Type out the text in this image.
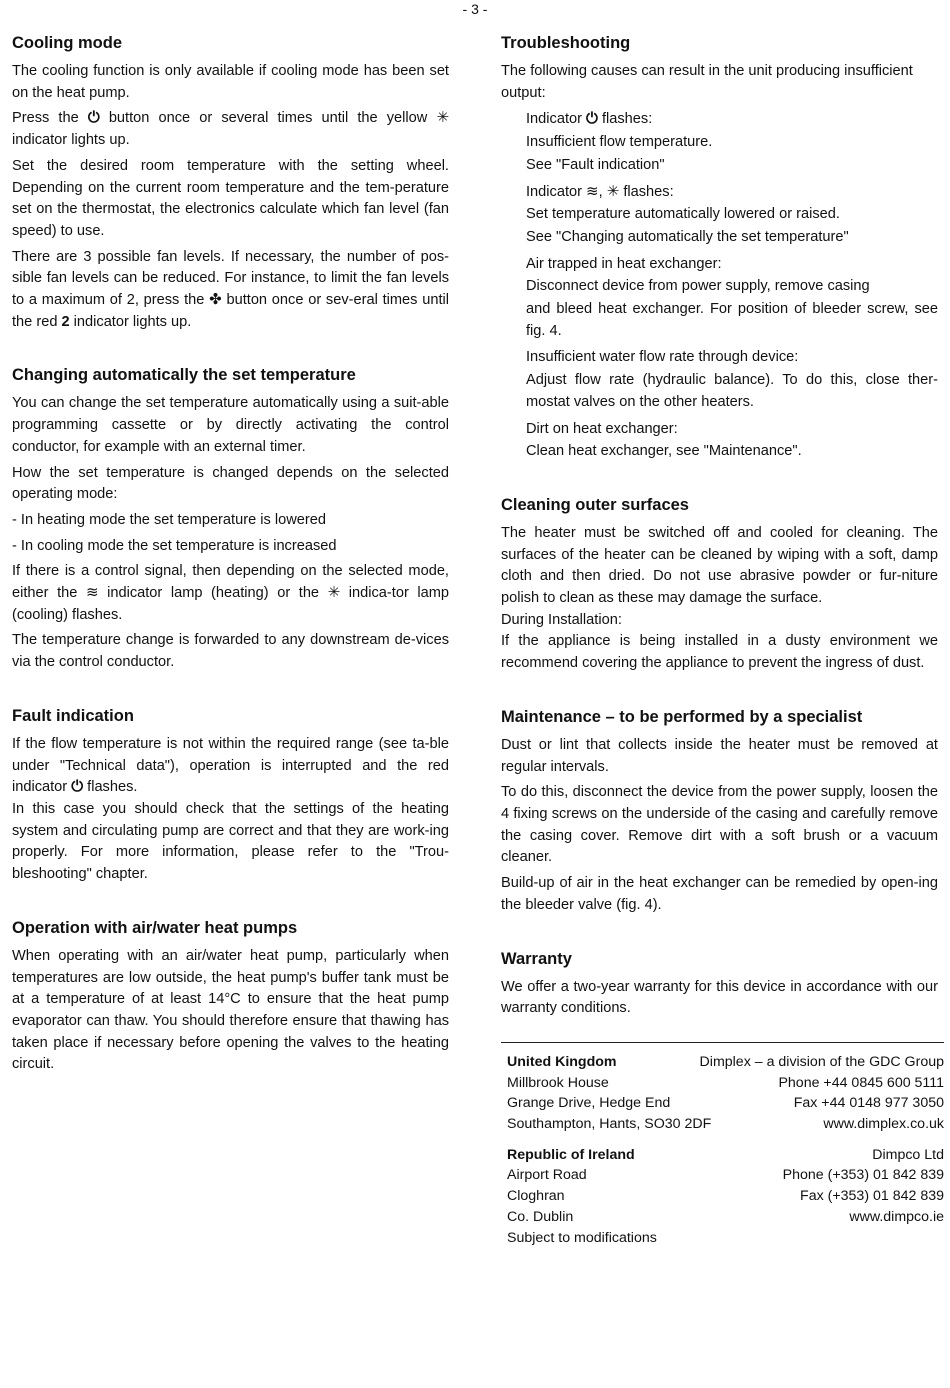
- 3 -
Cooling mode

The cooling function is only available if cooling mode has been set on the heat pump.

Press the ⏻ button once or several times until the yellow ✳ indicator lights up.

Set the desired room temperature with the setting wheel. Depending on the current room temperature and the tem-perature set on the thermostat, the electronics calculate which fan level (fan speed) to use.

There are 3 possible fan levels. If necessary, the number of pos-sible fan levels can be reduced. For instance, to limit the fan levels to a maximum of 2, press the ✤ button once or sev-eral times until the red 2 indicator lights up.

Changing automatically the set temperature

You can change the set temperature automatically using a suit-able programming cassette or by directly activating the control conductor, for example with an external timer.

How the set temperature is changed depends on the selected operating mode:

- In heating mode the set temperature is lowered

- In cooling mode the set temperature is increased

If there is a control signal, then depending on the selected mode, either the ≋ indicator lamp (heating) or the ✳ indica-tor lamp (cooling) flashes.

The temperature change is forwarded to any downstream de-vices via the control conductor.

Fault indication

If the flow temperature is not within the required range (see ta-ble under "Technical data"), operation is interrupted and the red indicator ⏻ flashes.

In this case you should check that the settings of the heating system and circulating pump are correct and that they are work-ing properly. For more information, please refer to the "Trou-bleshooting" chapter.

Operation with air/water heat pumps

When operating with an air/water heat pump, particularly when temperatures are low outside, the heat pump's buffer tank must be at a temperature of at least 14°C to ensure that the heat pump evaporator can thaw. You should therefore ensure that thawing has taken place if necessary before opening the valves to the heating circuit.

Troubleshooting

The following causes can result in the unit producing insufficient output:

Indicator ⏻ flashes:

Insufficient flow temperature.

See "Fault indication"

Indicator ≋, ✳ flashes:

Set temperature automatically lowered or raised.

See "Changing automatically the set temperature"

Air trapped in heat exchanger:

Disconnect device from power supply, remove casing

and bleed heat exchanger. For position of bleeder screw, see fig. 4.

Insufficient water flow rate through device:

Adjust flow rate (hydraulic balance). To do this, close ther-mostat valves on the other heaters.

Dirt on heat exchanger:

Clean heat exchanger, see "Maintenance".

Cleaning outer surfaces

The heater must be switched off and cooled for cleaning. The surfaces of the heater can be cleaned by wiping with a soft, damp cloth and then dried. Do not use abrasive powder or fur-niture polish to clean as these may damage the surface.

During Installation:

If the appliance is being installed in a dusty environment we recommend covering the appliance to prevent the ingress of dust.

Maintenance – to be performed by a specialist

Dust or lint that collects inside the heater must be removed at regular intervals.

To do this, disconnect the device from the power supply, loosen the 4 fixing screws on the underside of the casing and carefully remove the casing cover. Remove dirt with a soft brush or a vacuum cleaner.

Build-up of air in the heat exchanger can be remedied by open-ing the bleeder valve (fig. 4).

Warranty

We offer a two-year warranty for this device in accordance with our warranty conditions.

United Kingdom	Dimplex – a division of the GDC Group
Millbrook House	Phone +44 0845 600 5111
Grange Drive, Hedge End	Fax +44 0148 977 3050
Southampton, Hants, SO30 2DF	www.dimplex.co.uk
Republic of Ireland	Dimpco Ltd
Airport Road	Phone (+353) 01 842 839
Cloghran	Fax (+353) 01 842 839
Co. Dublin	www.dimpco.ie
Subject to modifications
